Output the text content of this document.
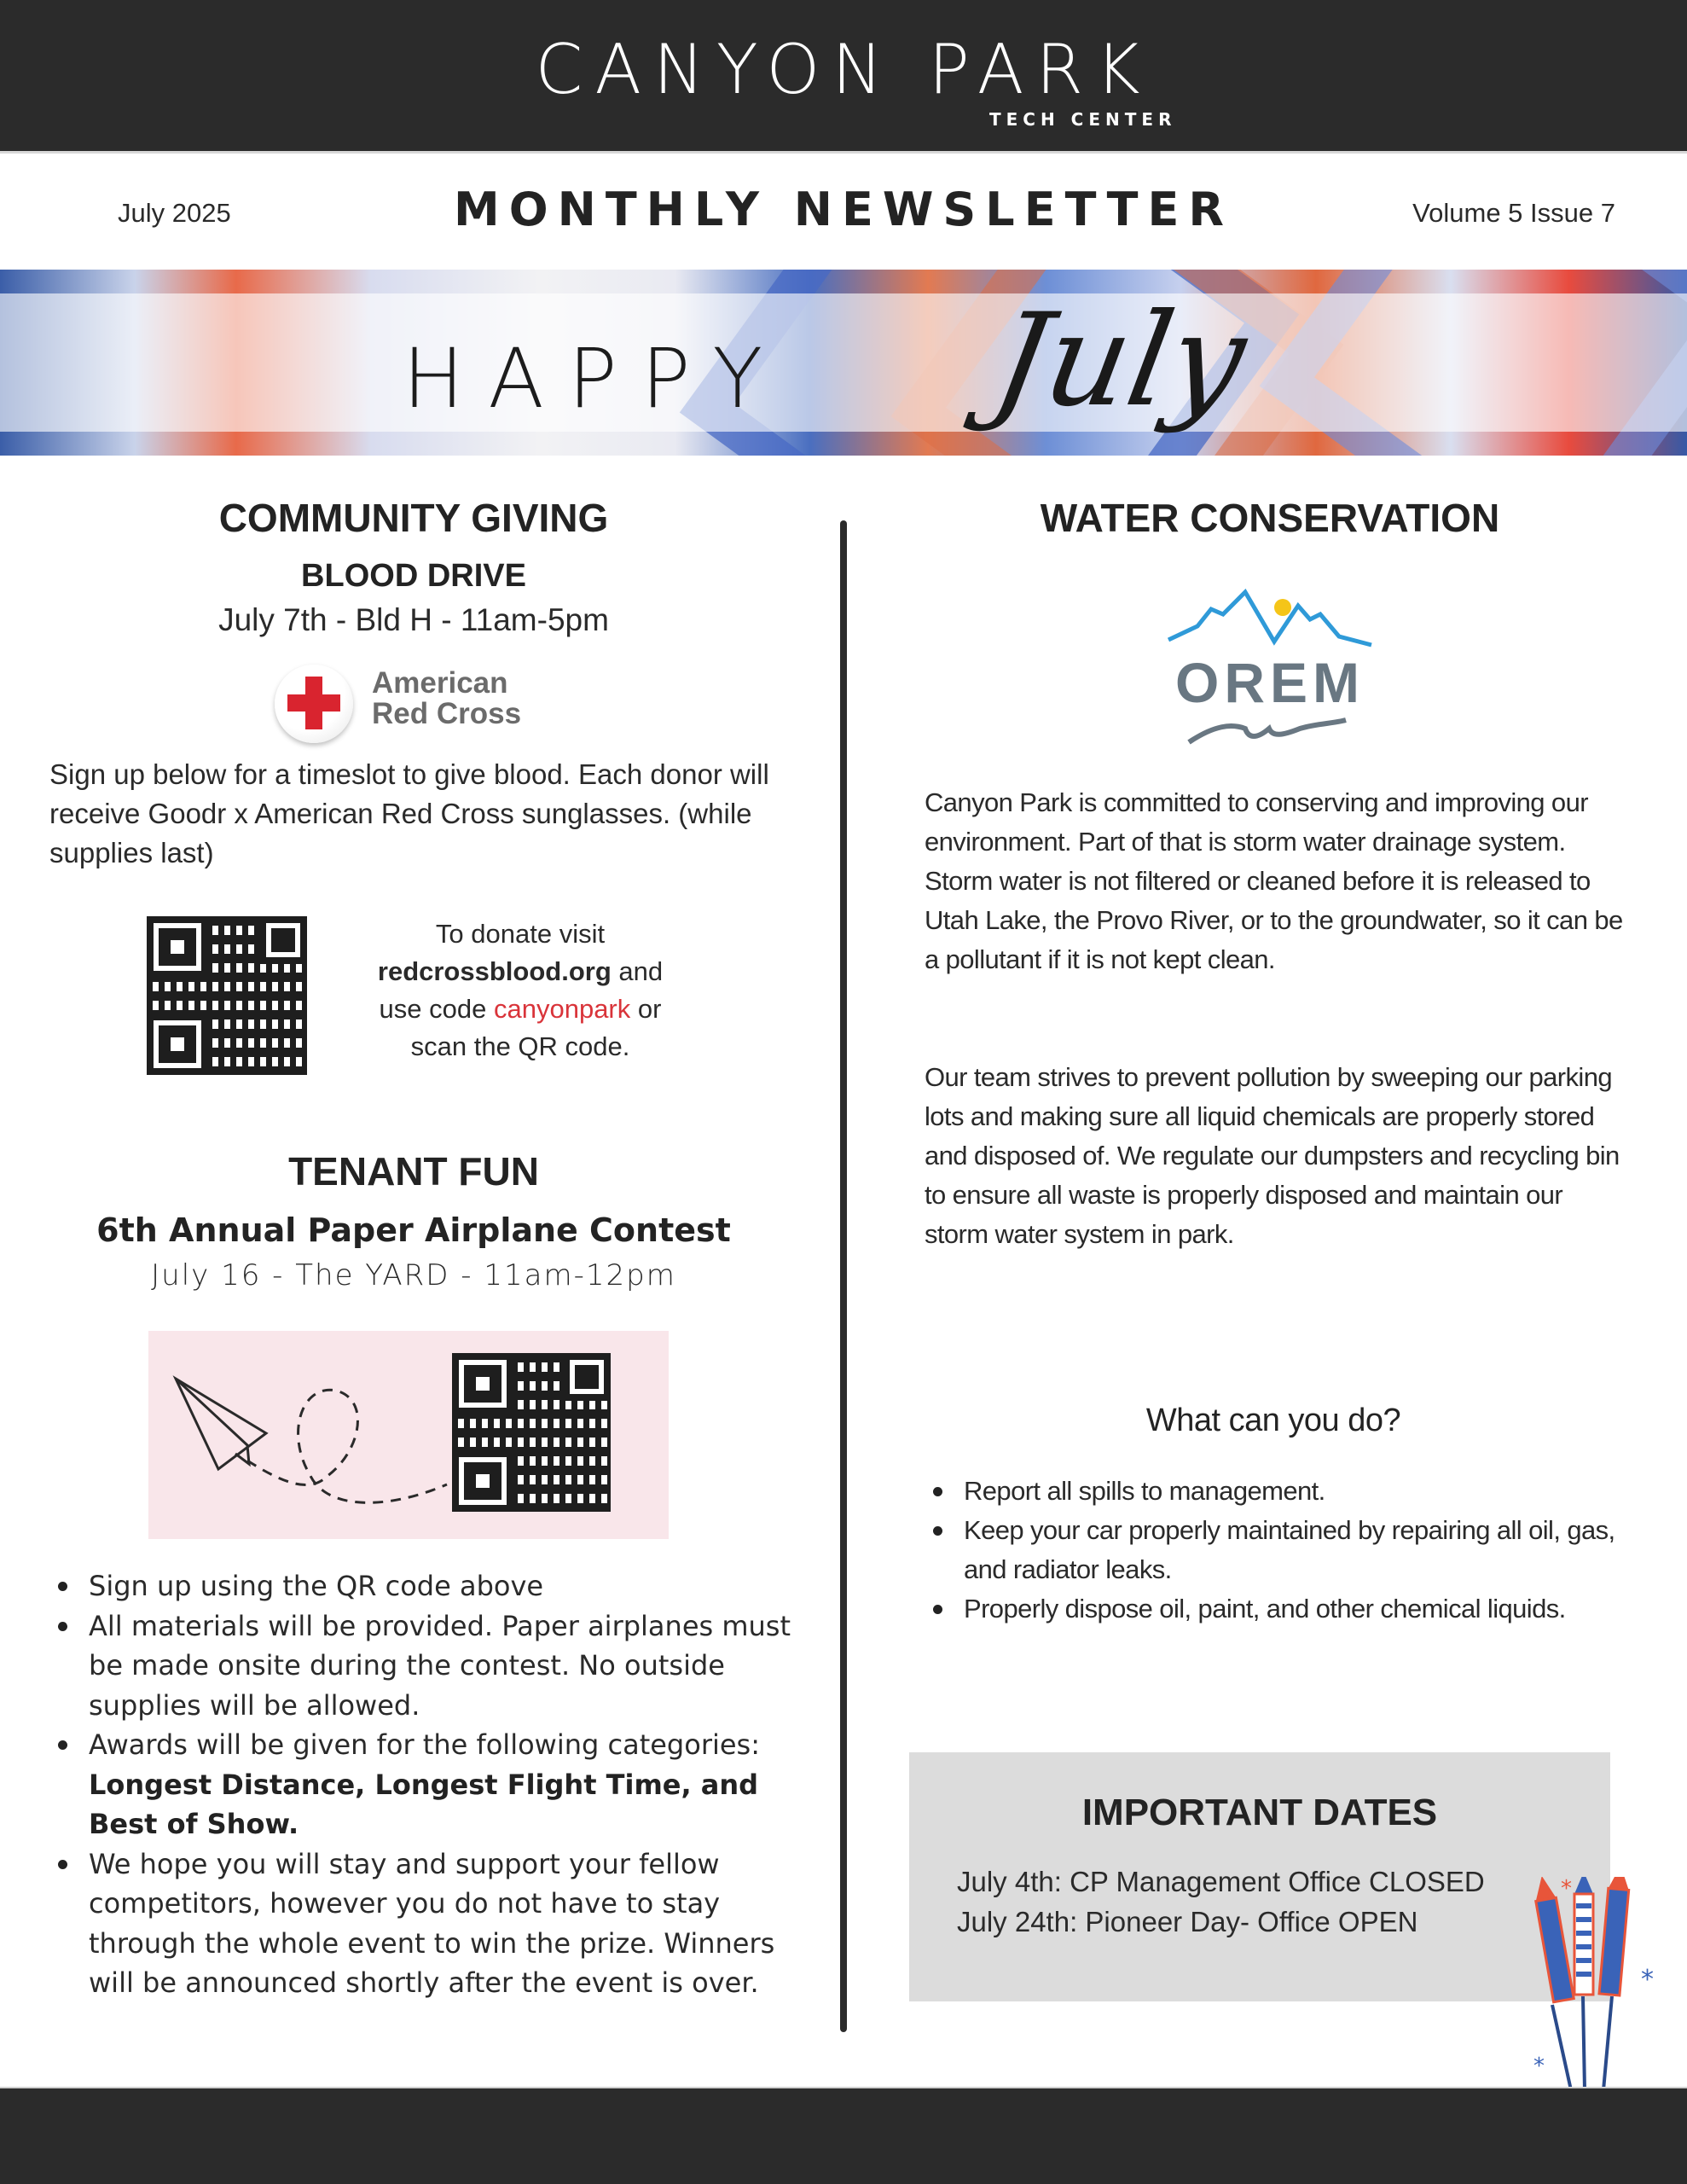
CANYON PARK
TECH CENTER
July 2025	MONTHLY NEWSLETTER	Volume 5 Issue 7
HAPPY July
COMMUNITY GIVING
BLOOD DRIVE
July 7th - Bld H - 11am-5pm
American
Red Cross
Sign up below for a timeslot to give blood. Each donor will receive Goodr x American Red Cross sunglasses. (while supplies last)
To donate visit
redcrossblood.org and
use code canyonpark or
scan the QR code.
TENANT FUN
6th Annual Paper Airplane Contest
July 16 - The YARD - 11am-12pm
Sign up using the QR code above
All materials will be provided. Paper airplanes must be made onsite during the contest. No outside supplies will be allowed.
Awards will be given for the following categories: Longest Distance, Longest Flight Time, and Best of Show.
We hope you will stay and support your fellow competitors, however you do not have to stay through the whole event to win the prize. Winners will be announced shortly after the event is over.
WATER CONSERVATION
OREM
Canyon Park is committed to conserving and improving our environment. Part of that is storm water drainage system. Storm water is not filtered or cleaned before it is released to Utah Lake, the Provo River, or to the groundwater, so it can be a pollutant if it is not kept clean.
Our team strives to prevent pollution by sweeping our parking lots and making sure all liquid chemicals are properly stored and disposed of. We regulate our dumpsters and recycling bin to ensure all waste is properly disposed and maintain our storm water system in park.
What can you do?
Report all spills to management.
Keep your car properly maintained by repairing all oil, gas, and radiator leaks.
Properly dispose oil, paint, and other chemical liquids.
IMPORTANT DATES
July 4th: CP Management Office CLOSED
July 24th: Pioneer Day- Office OPEN
*
*
*
